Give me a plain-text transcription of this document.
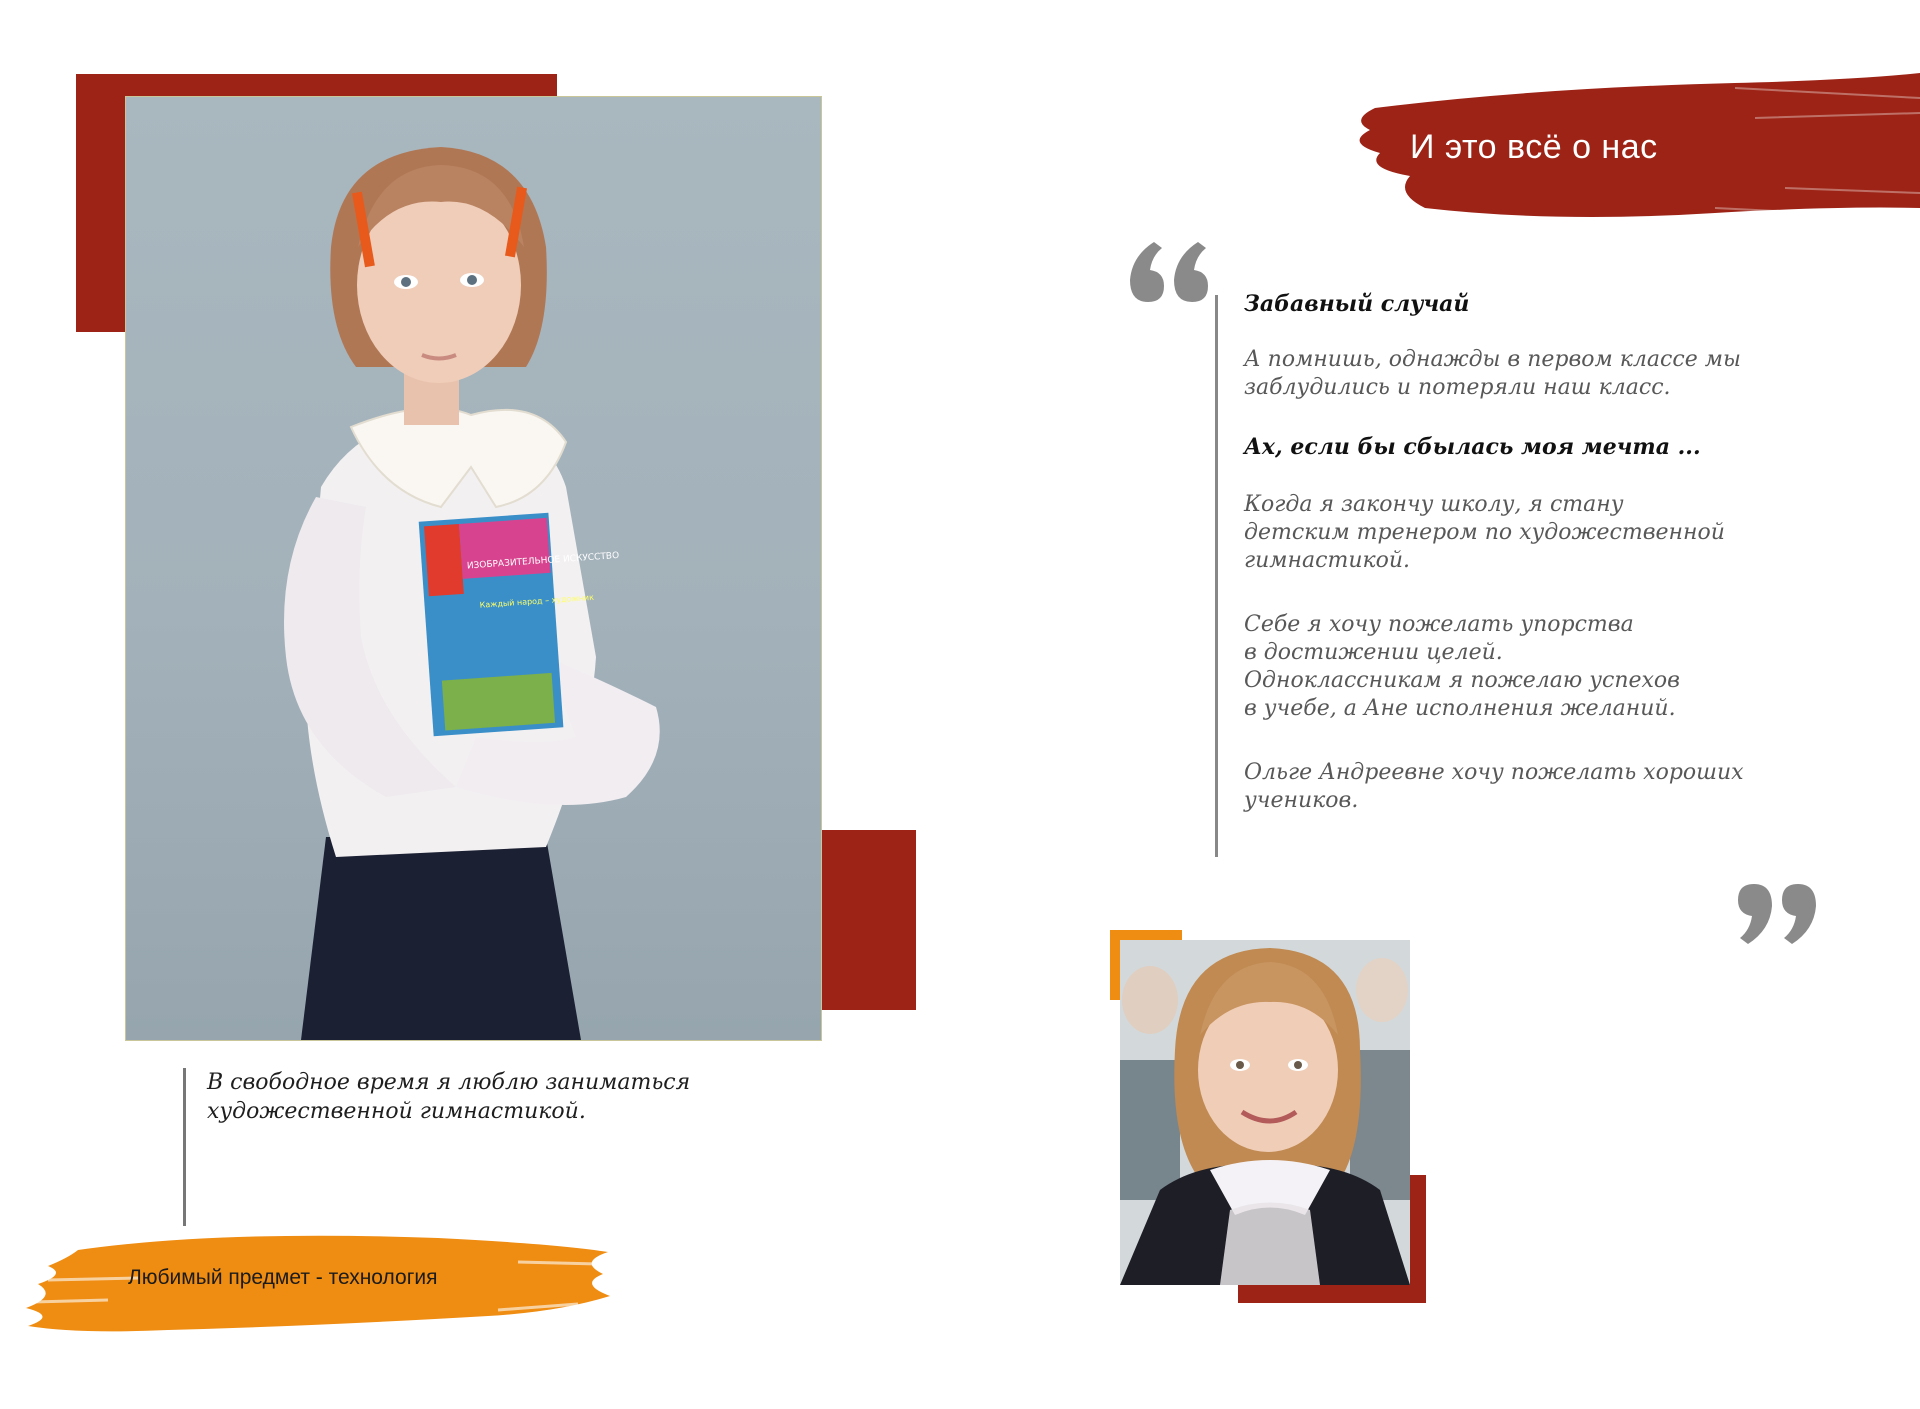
ИЗОБРАЗИТЕЛЬНОЕ ИСКУССТВО
Каждый народ – художник
В свободное время я люблю заниматься художественной гимнастикой.
Любимый предмет - технология
И это всё о нас

Забавный случай

А помнишь, однажды в первом классе мы

заблудились и потеряли наш класс.

Ах, если бы сбылась моя мечта ...

Когда я закончу школу, я стану

детским тренером по художественной

гимнастикой.

Себе я хочу пожелать упорства

в достижении целей.

Одноклассникам я пожелаю успехов

в учебе, а Ане исполнения желаний.

Ольге Андреевне хочу пожелать хороших

учеников.
